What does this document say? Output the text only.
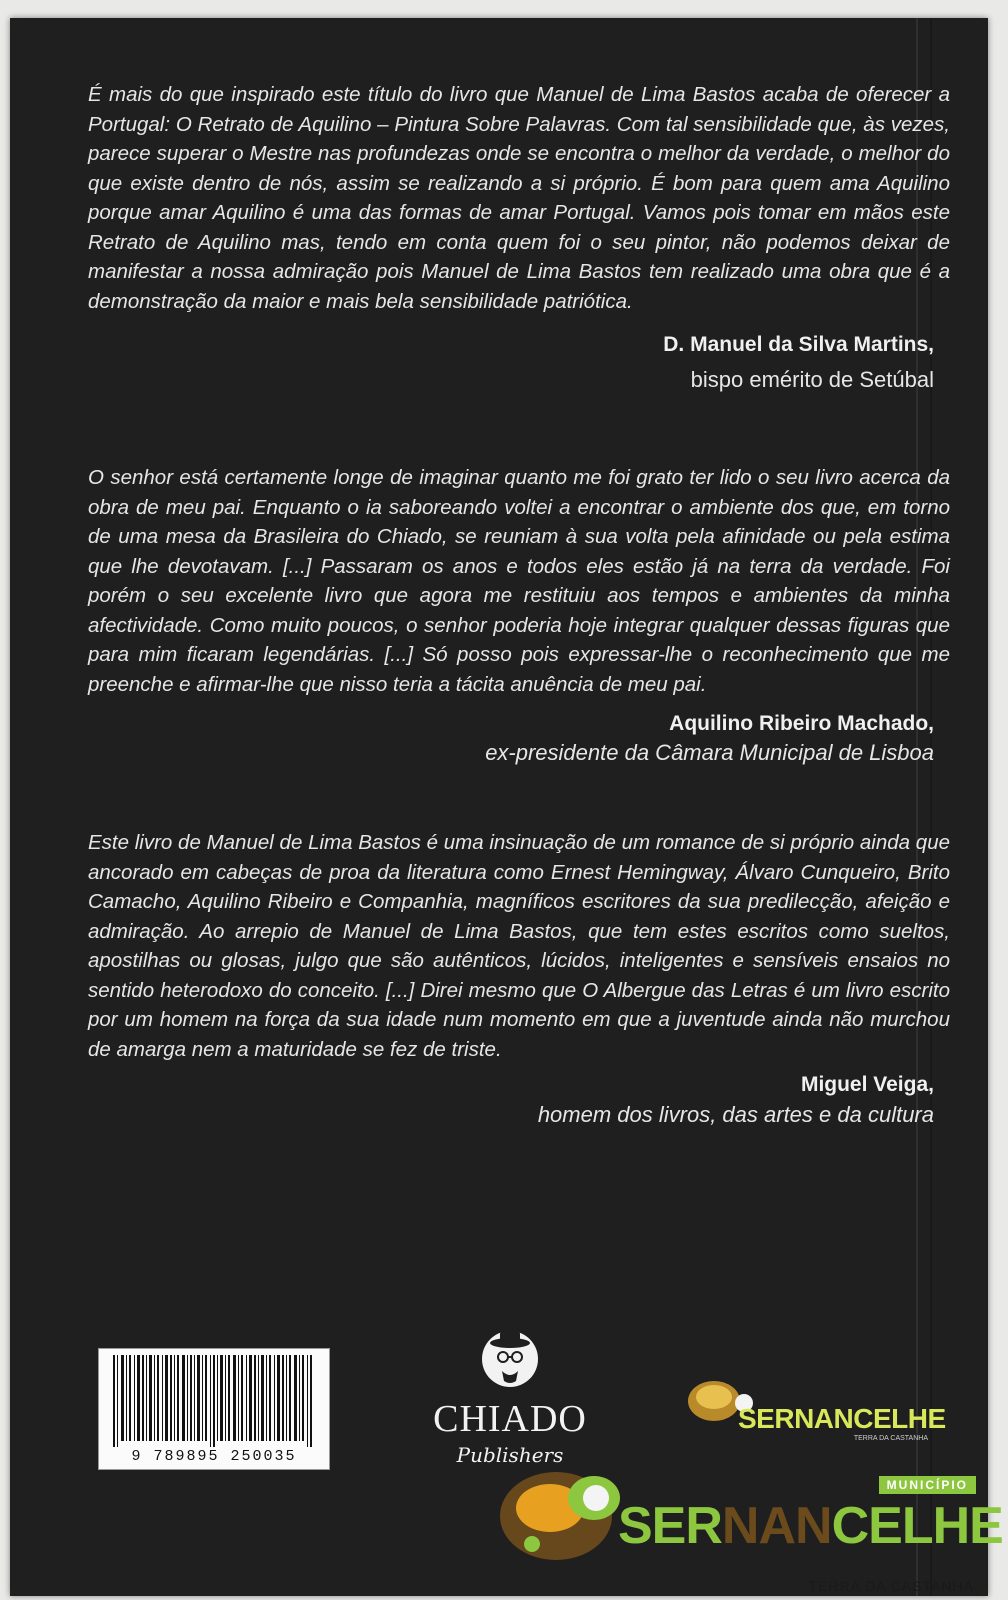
É mais do que inspirado este título do livro que Manuel de Lima Bastos acaba de oferecer a Portugal: O Retrato de Aquilino – Pintura Sobre Palavras. Com tal sensibilidade que, às vezes, parece superar o Mestre nas profundezas onde se encontra o melhor da verdade, o melhor do que existe dentro de nós, assim se realizando a si próprio. É bom para quem ama Aquilino porque amar Aquilino é uma das formas de amar Portugal. Vamos pois tomar em mãos este Retrato de Aquilino mas, tendo em conta quem foi o seu pintor, não podemos deixar de manifestar a nossa admiração pois Manuel de Lima Bastos tem realizado uma obra que é a demonstração da maior e mais bela sensibilidade patriótica.

D. Manuel da Silva Martins,
bispo emérito de Setúbal

O senhor está certamente longe de imaginar quanto me foi grato ter lido o seu livro acerca da obra de meu pai. Enquanto o ia saboreando voltei a encontrar o ambiente dos que, em torno de uma mesa da Brasileira do Chiado, se reuniam à sua volta pela afinidade ou pela estima que lhe devotavam. [...] Passaram os anos e todos eles estão já na terra da verdade. Foi porém o seu excelente livro que agora me restituiu aos tempos e ambientes da minha afectividade. Como muito poucos, o senhor poderia hoje integrar qualquer dessas figuras que para mim ficaram legendárias. [...] Só posso pois expressar-lhe o reconhecimento que me preenche e afirmar-lhe que nisso teria a tácita anuência de meu pai.

Aquilino Ribeiro Machado,
ex-presidente da Câmara Municipal de Lisboa

Este livro de Manuel de Lima Bastos é uma insinuação de um romance de si próprio ainda que ancorado em cabeças de proa da literatura como Ernest Hemingway, Álvaro Cunqueiro, Brito Camacho, Aquilino Ribeiro e Companhia, magníficos escritores da sua predilecção, afeição e admiração. Ao arrepio de Manuel de Lima Bastos, que tem estes escritos como sueltos, apostilhas ou glosas, julgo que são autênticos, lúcidos, inteligentes e sensíveis ensaios no sentido heterodoxo do conceito. [...] Direi mesmo que O Albergue das Letras é um livro escrito por um homem na força da sua idade num momento em que a juventude ainda não murchou de amarga nem a maturidade se fez de triste.

Miguel Veiga,
homem dos livros, das artes e da cultura
9 789895 250035
CHIADO
Publishers
SERNANCELHE
TERRA DA CASTANHA
MUNICÍPIO
SERNANCELHE
TERRA DA CASTANHA
